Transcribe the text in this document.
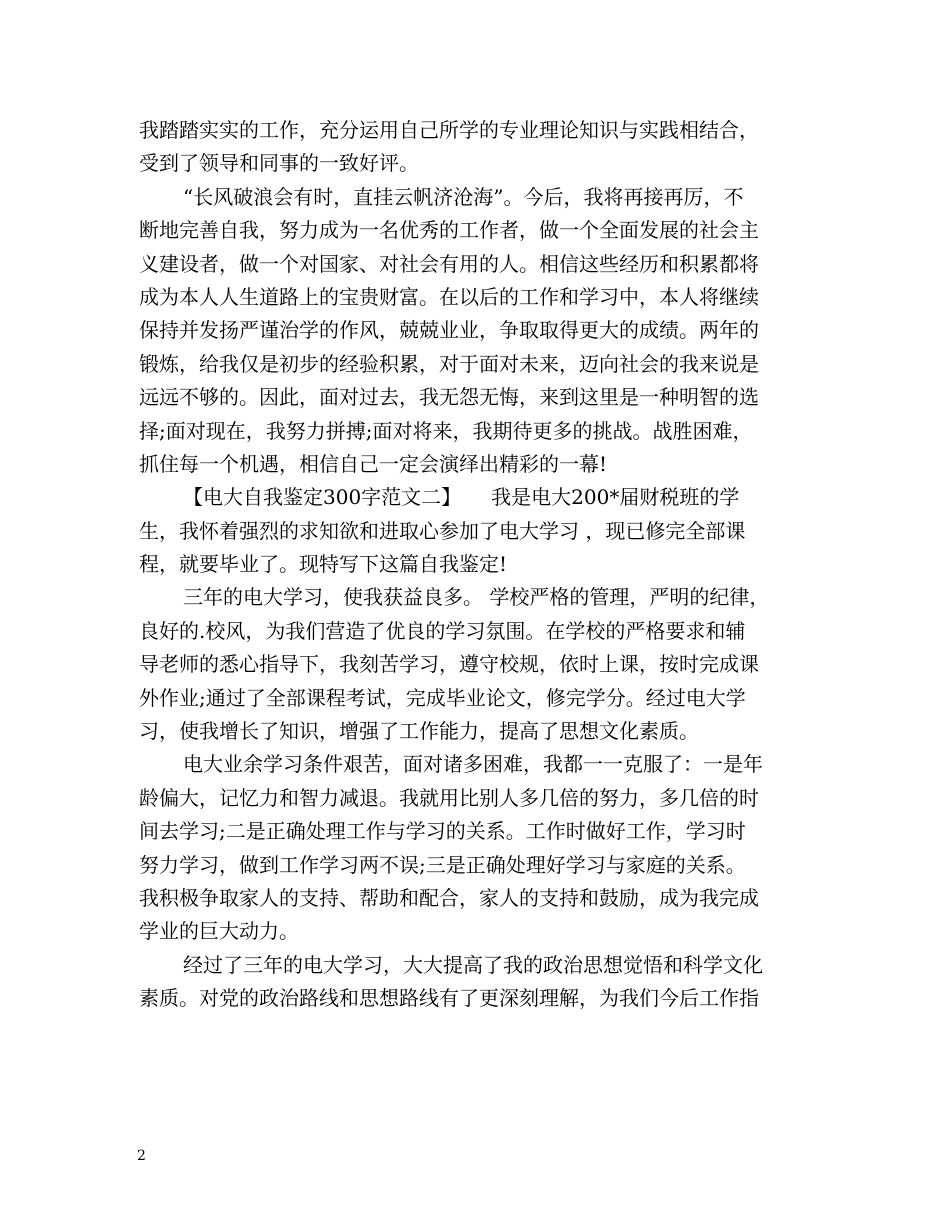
我踏踏实实的工作，充分运用自己所学的专业理论知识与实践相结合，
受到了领导和同事的一致好评。
“长风破浪会有时，直挂云帆济沧海”。今后，我将再接再厉，不
断地完善自我，努力成为一名优秀的工作者，做一个全面发展的社会主
义建设者，做一个对国家、对社会有用的人。相信这些经历和积累都将
成为本人人生道路上的宝贵财富。在以后的工作和学习中，本人将继续
保持并发扬严谨治学的作风，兢兢业业，争取取得更大的成绩。两年的
锻炼，给我仅是初步的经验积累，对于面对未来，迈向社会的我来说是
远远不够的。因此，面对过去，我无怨无悔，来到这里是一种明智的选
择;面对现在，我努力拼搏;面对将来，我期待更多的挑战。战胜困难，
抓住每一个机遇，相信自己一定会演绎出精彩的一幕!
【电大自我鉴定300字范文二】　　我是电大200*届财税班的学
生，我怀着强烈的求知欲和进取心参加了电大学习 ，现已修完全部课
程，就要毕业了。现特写下这篇自我鉴定!
三年的电大学习，使我获益良多。 学校严格的管理，严明的纪律，
良好的.校风，为我们营造了优良的学习氛围。在学校的严格要求和辅
导老师的悉心指导下，我刻苦学习，遵守校规，依时上课，按时完成课
外作业;通过了全部课程考试，完成毕业论文，修完学分。经过电大学
习，使我增长了知识，增强了工作能力，提高了思想文化素质。
电大业余学习条件艰苦，面对诸多困难，我都一一克服了：一是年
龄偏大，记忆力和智力减退。我就用比别人多几倍的努力，多几倍的时
间去学习;二是正确处理工作与学习的关系。工作时做好工作，学习时
努力学习，做到工作学习两不误;三是正确处理好学习与家庭的关系。
我积极争取家人的支持、帮助和配合，家人的支持和鼓励，成为我完成
学业的巨大动力。
经过了三年的电大学习，大大提高了我的政治思想觉悟和科学文化
素质。对党的政治路线和思想路线有了更深刻理解，为我们今后工作指
2
